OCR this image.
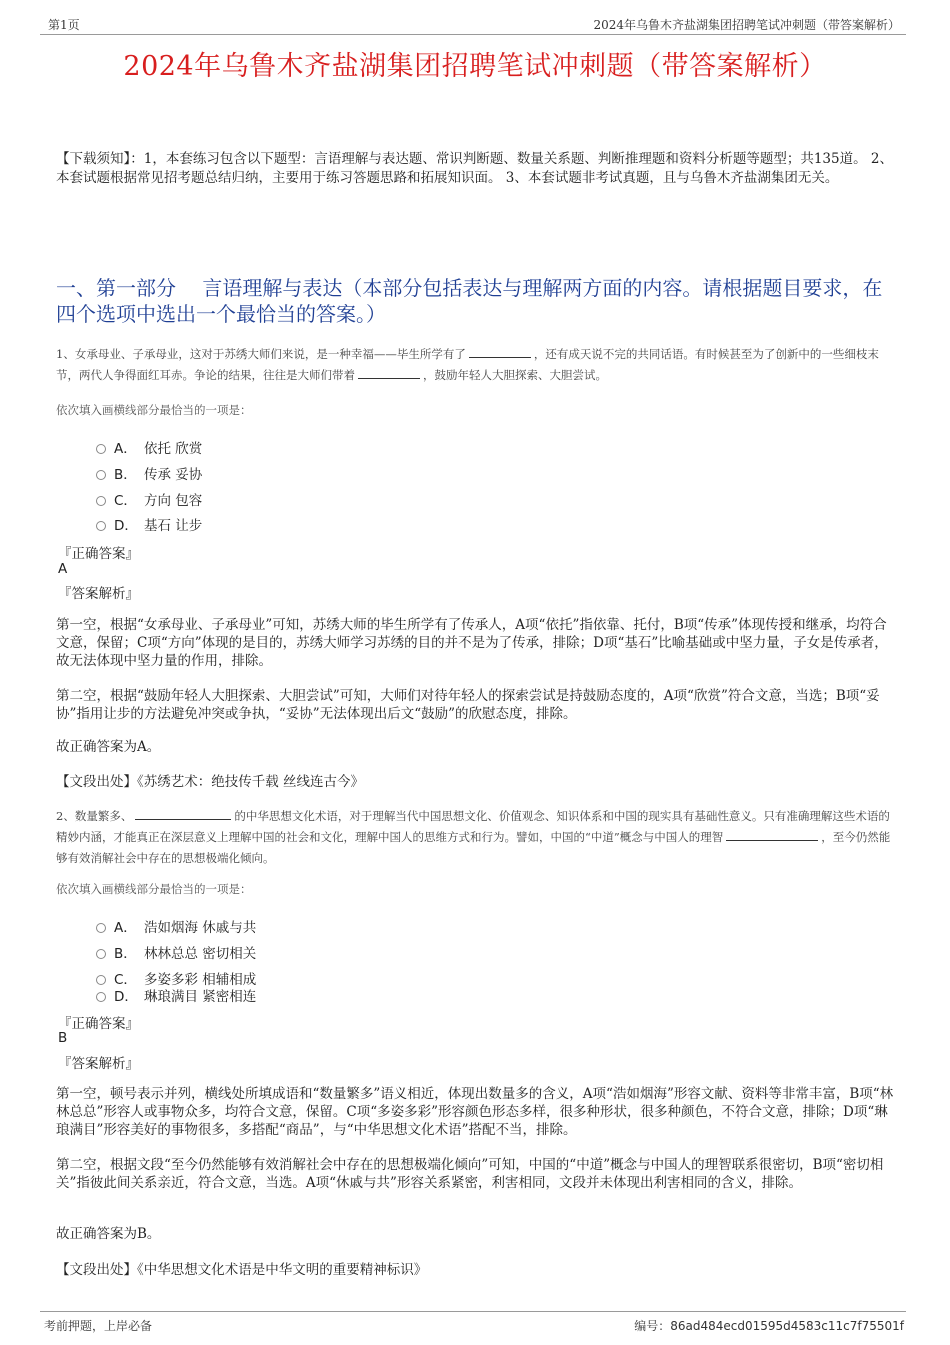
第1页	2024年乌鲁木齐盐湖集团招聘笔试冲刺题（带答案解析）
2024年乌鲁木齐盐湖集团招聘笔试冲刺题（带答案解析）
【下载须知】：1，本套练习包含以下题型：言语理解与表达题、常识判断题、数量关系题、判断推理题和资料分析题等题型；共135道。 2、本套试题根据常见招考题总结归纳，主要用于练习答题思路和拓展知识面。 3、本套试题非考试真题，且与乌鲁木齐盐湖集团无关。
一、第一部分　 言语理解与表达（本部分包括表达与理解两方面的内容。请根据题目要求，在四个选项中选出一个最恰当的答案。）
1、女承母业、子承母业，这对于苏绣大师们来说，是一种幸福——毕生所学有了	，还有成天说不完的共同话语。有时候甚至为了创新中的一些细枝末节，两代人争得面红耳赤。争论的结果，往往是大师们带着	，鼓励年轻人大胆探索、大胆尝试。
依次填入画横线部分最恰当的一项是：
A． 依托 欣赏
B． 传承 妥协
C． 方向 包容
D． 基石 让步
『正确答案』
A
『答案解析』
第一空，根据“女承母业、子承母业”可知，苏绣大师的毕生所学有了传承人，A项“依托”指依靠、托付，B项“传承”体现传授和继承，均符合文意，保留；C项“方向”体现的是目的，苏绣大师学习苏绣的目的并不是为了传承，排除；D项“基石”比喻基础或中坚力量，子女是传承者，故无法体现中坚力量的作用，排除。
第二空，根据“鼓励年轻人大胆探索、大胆尝试”可知，大师们对待年轻人的探索尝试是持鼓励态度的，A项“欣赏”符合文意，当选；B项“妥协”指用让步的方法避免冲突或争执，“妥协”无法体现出后文“鼓励”的欣慰态度，排除。
故正确答案为A。
【文段出处】《苏绣艺术：绝技传千载 丝线连古今》
2、数量繁多、	的中华思想文化术语，对于理解当代中国思想文化、价值观念、知识体系和中国的现实具有基础性意义。只有准确理解这些术语的精妙内涵，才能真正在深层意义上理解中国的社会和文化，理解中国人的思维方式和行为。譬如，中国的“中道”概念与中国人的理智	，至今仍然能够有效消解社会中存在的思想极端化倾向。
依次填入画横线部分最恰当的一项是：
A． 浩如烟海 休戚与共
B． 林林总总 密切相关
C． 多姿多彩 相辅相成
D． 琳琅满目 紧密相连
『正确答案』
B
『答案解析』
第一空，顿号表示并列，横线处所填成语和“数量繁多”语义相近，体现出数量多的含义，A项“浩如烟海”形容文献、资料等非常丰富，B项“林林总总”形容人或事物众多，均符合文意，保留。C项“多姿多彩”形容颜色形态多样，很多种形状，很多种颜色，不符合文意，排除；D项“琳琅满目”形容美好的事物很多，多搭配“商品”，与“中华思想文化术语”搭配不当，排除。
第二空，根据文段“至今仍然能够有效消解社会中存在的思想极端化倾向”可知，中国的“中道”概念与中国人的理智联系很密切，B项“密切相关”指彼此间关系亲近，符合文意，当选。A项“休戚与共”形容关系紧密，利害相同，文段并未体现出利害相同的含义，排除。
故正确答案为B。
【文段出处】《中华思想文化术语是中华文明的重要精神标识》
考前押题，上岸必备	编号：86ad484ecd01595d4583c11c7f75501f
